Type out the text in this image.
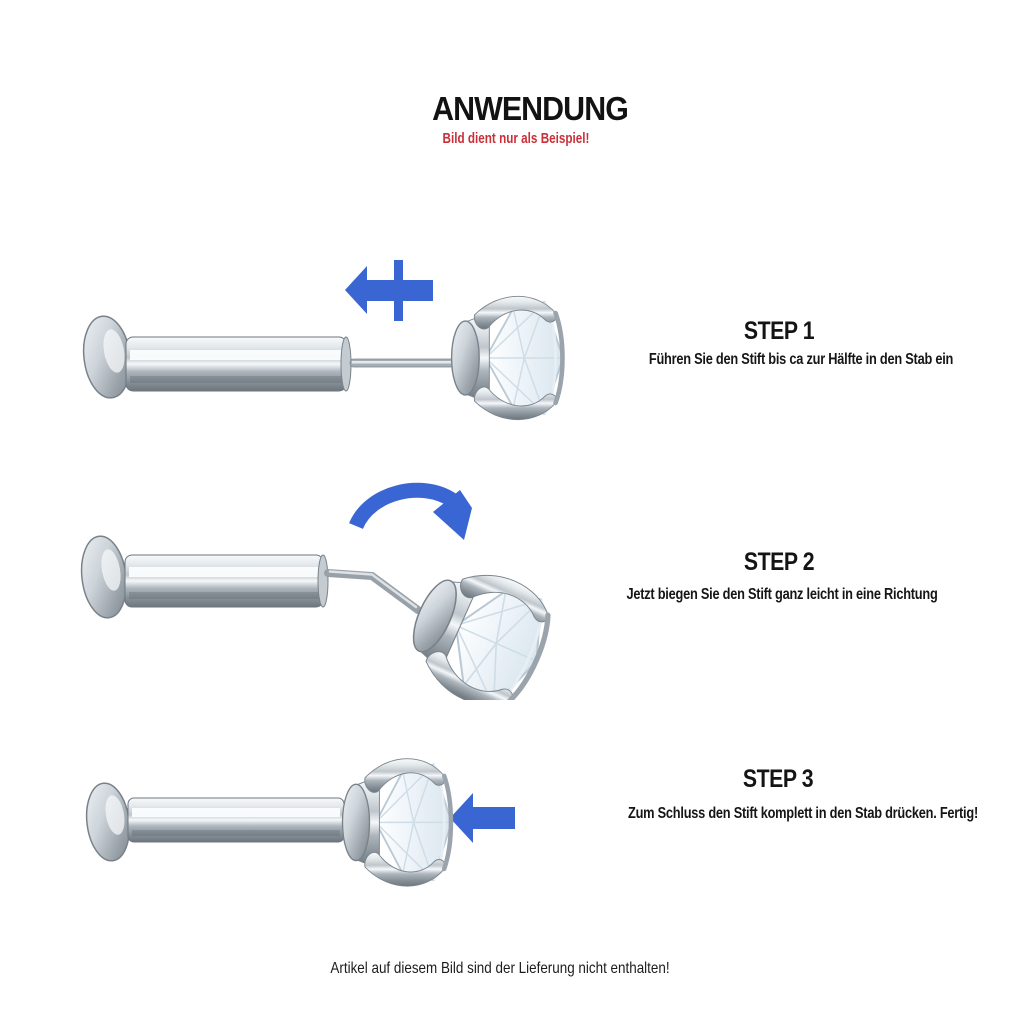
ANWENDUNG
Bild dient nur als Beispiel!
STEP 1
Führen Sie den Stift bis ca zur Hälfte in den Stab ein
STEP 2
Jetzt biegen Sie den Stift ganz leicht in eine Richtung
STEP 3
Zum Schluss den Stift komplett in den Stab drücken. Fertig!
Artikel auf diesem Bild sind der Lieferung nicht enthalten!
